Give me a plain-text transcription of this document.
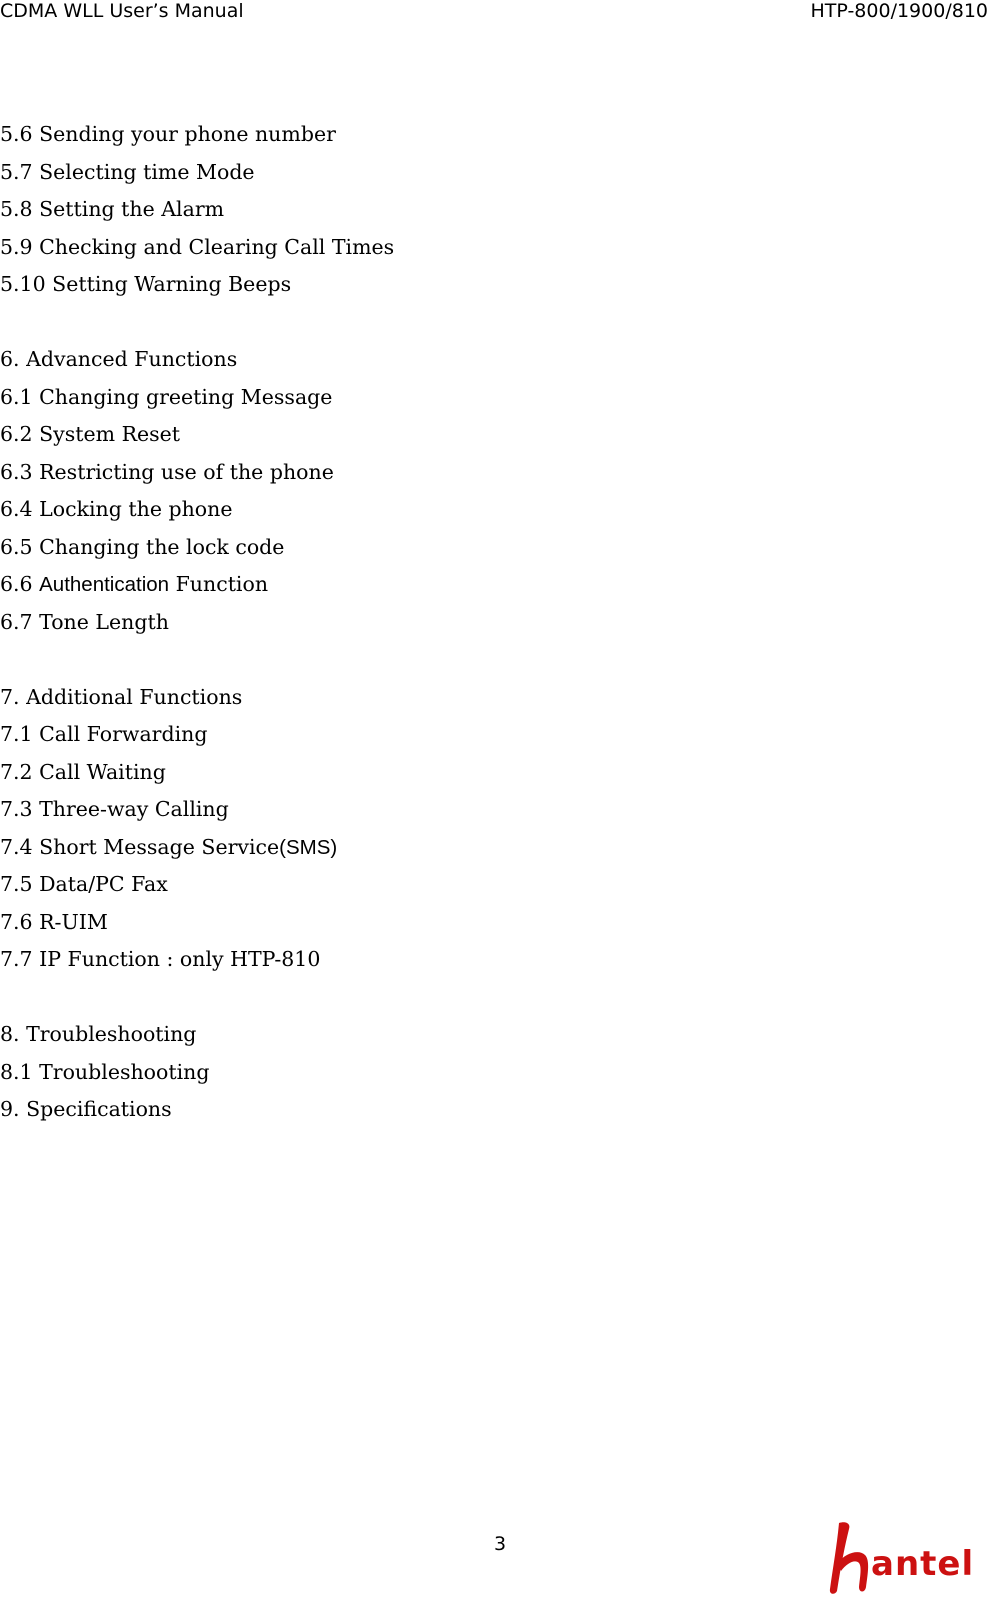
CDMA WLL User’s Manual	HTP-800/1900/810
5.6 Sending your phone number
5.7 Selecting time Mode
5.8 Setting the Alarm
5.9 Checking and Clearing Call Times
5.10 Setting Warning Beeps
6. Advanced Functions
6.1 Changing greeting Message
6.2 System Reset
6.3 Restricting use of the phone
6.4 Locking the phone
6.5 Changing the lock code
6.6 Authentication Function
6.7 Tone Length
7. Additional Functions
7.1 Call Forwarding
7.2 Call Waiting
7.3 Three-way Calling
7.4 Short Message Service(SMS)
7.5 Data/PC Fax
7.6 R-UIM
7.7 IP Function : only HTP-810
8. Troubleshooting
8.1 Troubleshooting
9. Specifications
3	antel
